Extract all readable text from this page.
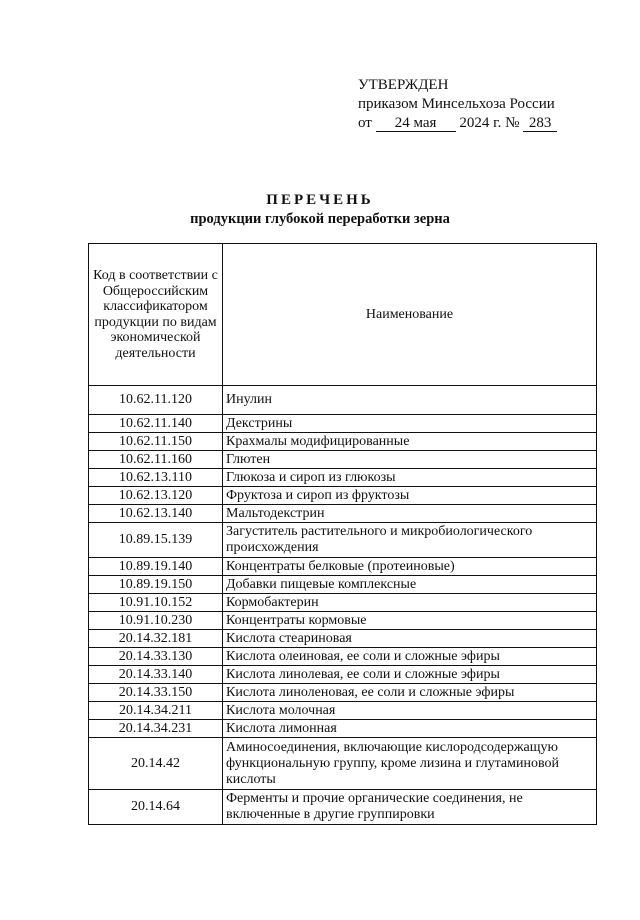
УТВЕРЖДЕН
приказом Минсельхоза России
от 24 мая 2024 г. № 283
ПЕРЕЧЕНЬ
продукции глубокой переработки зерна
Код в соответствии с Общероссийским классификатором продукции по видам экономической деятельности	Наименование
10.62.11.120	Инулин
10.62.11.140	Декстрины
10.62.11.150	Крахмалы модифицированные
10.62.11.160	Глютен
10.62.13.110	Глюкоза и сироп из глюкозы
10.62.13.120	Фруктоза и сироп из фруктозы
10.62.13.140	Мальтодекстрин
10.89.15.139	Загуститель растительного и микробиологического происхождения
10.89.19.140	Концентраты белковые (протеиновые)
10.89.19.150	Добавки пищевые комплексные
10.91.10.152	Кормобактерин
10.91.10.230	Концентраты кормовые
20.14.32.181	Кислота стеариновая
20.14.33.130	Кислота олеиновая, ее соли и сложные эфиры
20.14.33.140	Кислота линолевая, ее соли и сложные эфиры
20.14.33.150	Кислота линоленовая, ее соли и сложные эфиры
20.14.34.211	Кислота молочная
20.14.34.231	Кислота лимонная
20.14.42	Аминосоединения, включающие кислородсодержащую функциональную группу, кроме лизина и глутаминовой кислоты
20.14.64	Ферменты и прочие органические соединения, не включенные в другие группировки
